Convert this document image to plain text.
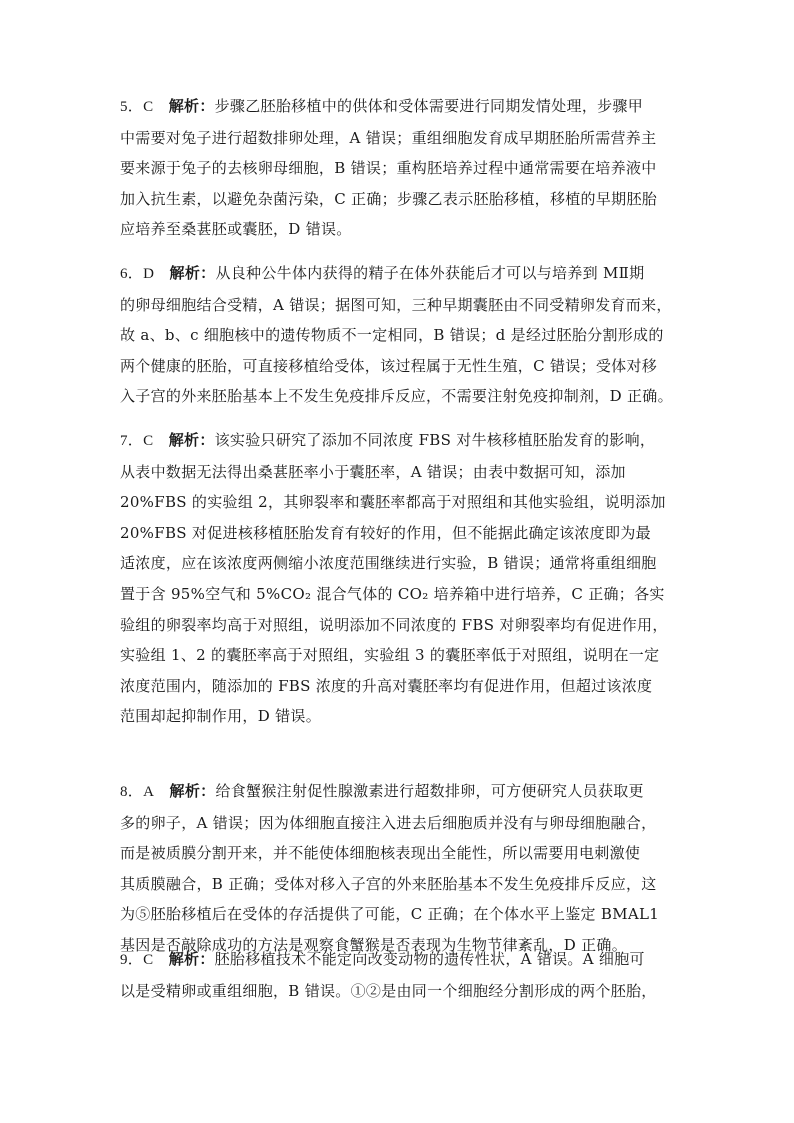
5．C　 解析：步骤乙胚胎移植中的供体和受体需要进行同期发情处理，步骤甲
中需要对兔子进行超数排卵处理，A 错误；重组细胞发育成早期胚胎所需营养主
要来源于兔子的去核卵母细胞，B 错误；重构胚培养过程中通常需要在培养液中
加入抗生素，以避免杂菌污染，C 正确；步骤乙表示胚胎移植，移植的早期胚胎
应培养至桑葚胚或囊胚，D 错误。
6．D　 解析：从良种公牛体内获得的精子在体外获能后才可以与培养到 MⅡ期
的卵母细胞结合受精，A 错误；据图可知，三种早期囊胚由不同受精卵发育而来，
故 a、b、c 细胞核中的遗传物质不一定相同，B 错误；d 是经过胚胎分割形成的
两个健康的胚胎，可直接移植给受体，该过程属于无性生殖，C 错误；受体对移
入子宫的外来胚胎基本上不发生免疫排斥反应，不需要注射免疫抑制剂，D 正确。
7．C　 解析：该实验只研究了添加不同浓度 FBS 对牛核移植胚胎发育的影响，
从表中数据无法得出桑葚胚率小于囊胚率，A 错误；由表中数据可知，添加
20%FBS 的实验组 2，其卵裂率和囊胚率都高于对照组和其他实验组，说明添加
20%FBS 对促进核移植胚胎发育有较好的作用，但不能据此确定该浓度即为最
适浓度，应在该浓度两侧缩小浓度范围继续进行实验，B 错误；通常将重组细胞
置于含 95%空气和 5%CO₂ 混合气体的 CO₂ 培养箱中进行培养，C 正确；各实
验组的卵裂率均高于对照组，说明添加不同浓度的 FBS 对卵裂率均有促进作用，
实验组 1、2 的囊胚率高于对照组，实验组 3 的囊胚率低于对照组，说明在一定
浓度范围内，随添加的 FBS 浓度的升高对囊胚率均有促进作用，但超过该浓度
范围却起抑制作用，D 错误。
8．A　 解析：给食蟹猴注射促性腺激素进行超数排卵，可方便研究人员获取更
多的卵子，A 错误；因为体细胞直接注入进去后细胞质并没有与卵母细胞融合，
而是被质膜分割开来，并不能使体细胞核表现出全能性，所以需要用电刺激使
其质膜融合，B 正确；受体对移入子宫的外来胚胎基本不发生免疫排斥反应，这
为⑤胚胎移植后在受体的存活提供了可能，C 正确；在个体水平上鉴定 BMAL1
基因是否敲除成功的方法是观察食蟹猴是否表现为生物节律紊乱，D 正确。
9．C　 解析：胚胎移植技术不能定向改变动物的遗传性状，A 错误。A 细胞可
以是受精卵或重组细胞，B 错误。①②是由同一个细胞经分割形成的两个胚胎，
